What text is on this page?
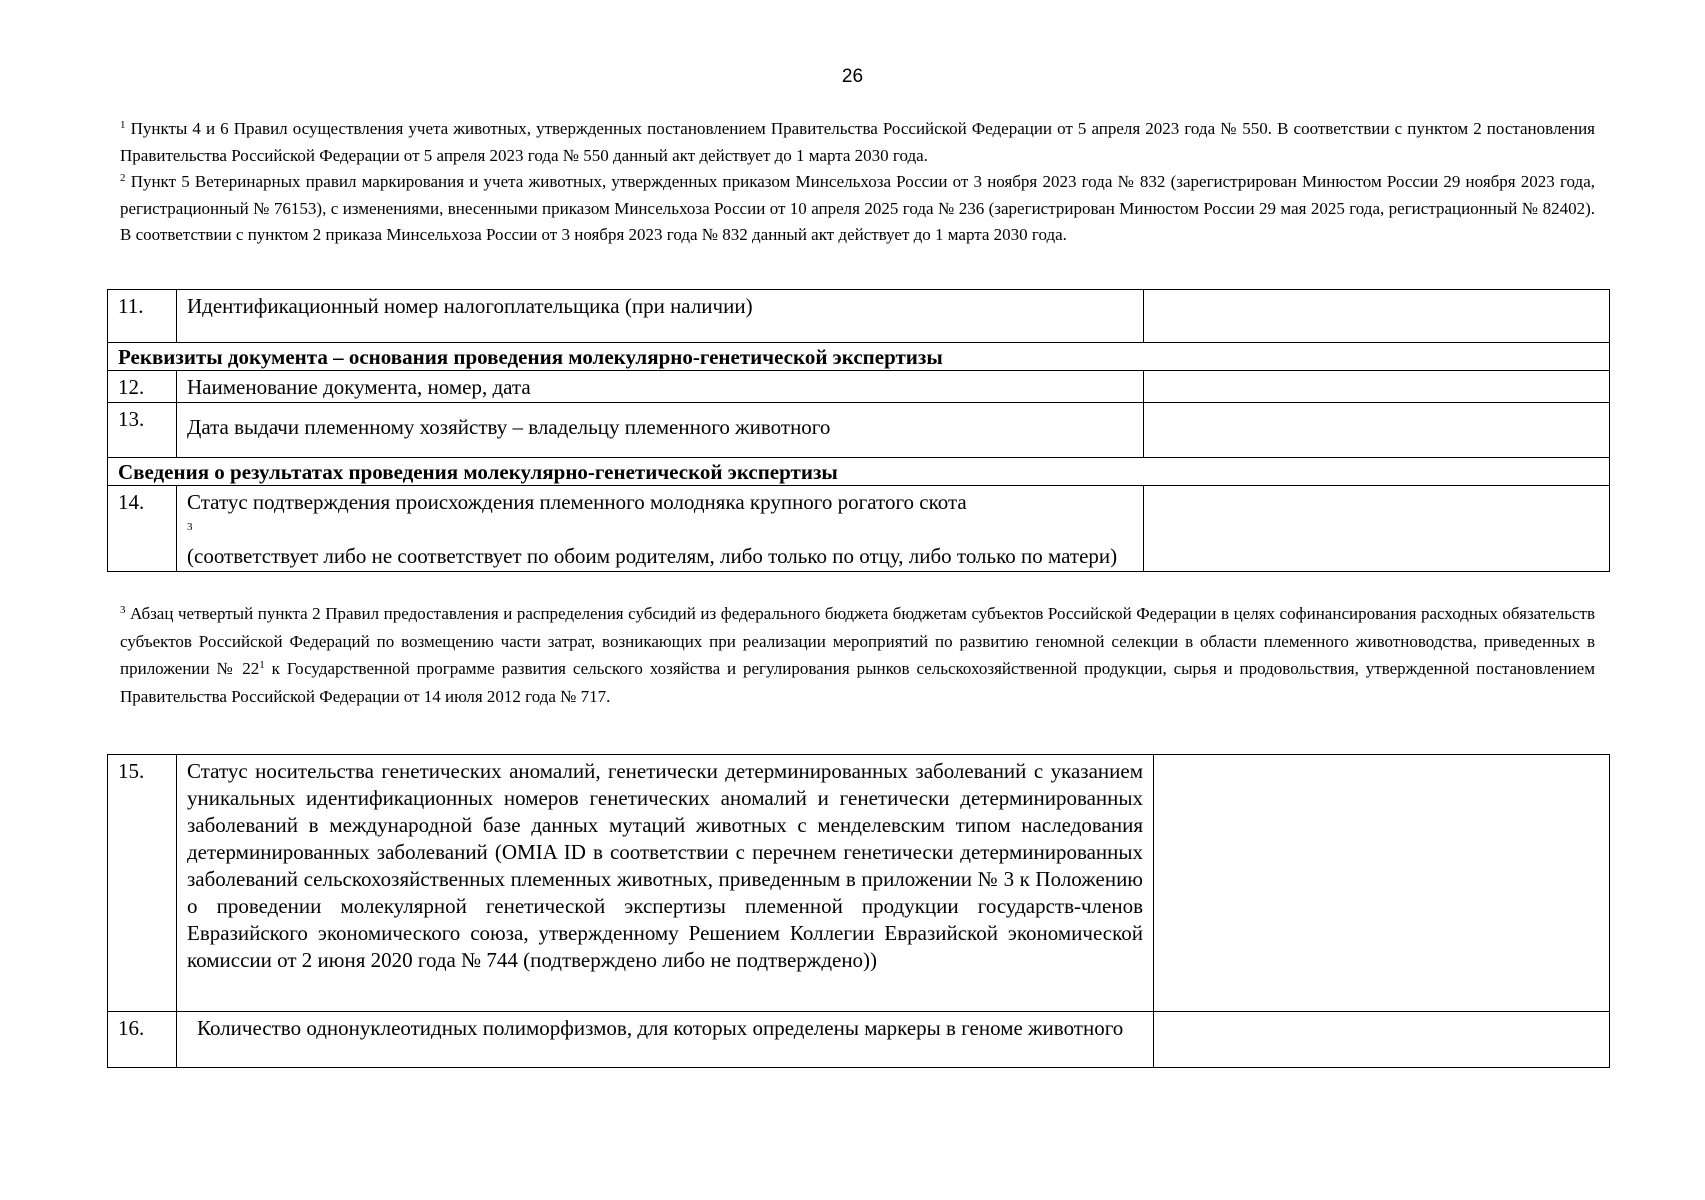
26

$^1$ Пункты 4 и 6 Правил осуществления учета животных, утвержденных постановлением Правительства Российской Федерации от 5 апреля 2023 года № 550. В соответствии с пунктом 2 постановления Правительства Российской Федерации от 5 апреля 2023 года № 550 данный акт действует до 1 марта 2030 года.

$^2$ Пункт 5 Ветеринарных правил маркирования и учета животных, утвержденных приказом Минсельхоза России от 3 ноября 2023 года № 832 (зарегистрирован Минюстом России 29 ноября 2023 года, регистрационный № 76153), с изменениями, внесенными приказом Минсельхоза России от 10 апреля 2025 года № 236 (зарегистрирован Минюстом России 29 мая 2025 года, регистрационный № 82402). В соответствии с пунктом 2 приказа Минсельхоза России от 3 ноября 2023 года № 832 данный акт действует до 1 марта 2030 года.

11.	Идентификационный номер налогоплательщика (при наличии)	
Реквизиты документа – основания проведения молекулярно-генетической экспертизы		
12.	Наименование документа, номер, дата	
13.	Дата выдачи племенному хозяйству – владельцу племенного животного	
Сведения о результатах проведения молекулярно-генетической экспертизы		
14.	Статус подтверждения происхождения племенного молодняка крупного рогатого скота
$^3$
(соответствует либо не соответствует по обоим родителям, либо только по отцу, либо только по матери)	

$^3$ Абзац четвертый пункта 2 Правил предоставления и распределения субсидий из федерального бюджета бюджетам субъектов Российской Федерации в целях софинансирования расходных обязательств субъектов Российской Федераций по возмещению части затрат, возникающих при реализации мероприятий по развитию геномной селекции в области племенного животноводства, приведенных в приложении № $22^1$ к Государственной программе развития сельского хозяйства и регулирования рынков сельскохозяйственной продукции, сырья и продовольствия, утвержденной постановлением Правительства Российской Федерации от 14 июля 2012 года № 717.

15.	Статус носительства генетических аномалий, генетически детерминированных заболеваний с указанием уникальных идентификационных номеров генетических аномалий и генетически детерминированных заболеваний в международной базе данных мутаций животных с менделевским типом наследования детерминированных заболеваний (OMIA ID в соответствии с перечнем генетически детерминированных заболеваний сельскохозяйственных племенных животных, приведенным в приложении № 3 к Положению о проведении молекулярной генетической экспертизы племенной продукции государств-членов Евразийского экономического союза, утвержденному Решением Коллегии Евразийской экономической комиссии от 2 июня 2020 года № 744 (подтверждено либо не подтверждено))	

16.	Количество однонуклеотидных полиморфизмов, для которых определены маркеры в геноме животного	
